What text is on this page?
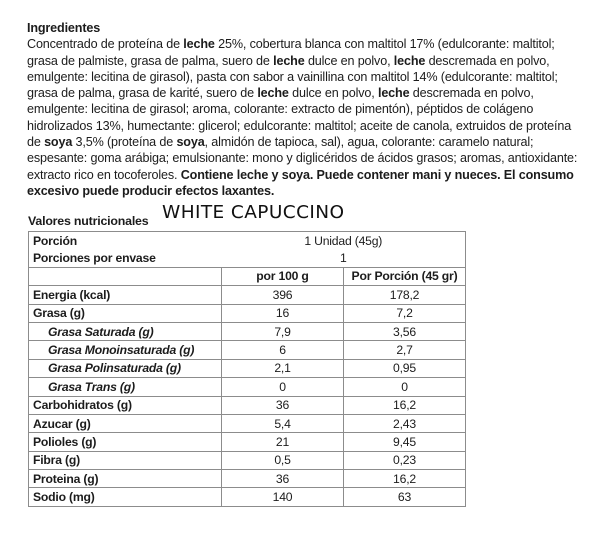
Ingredientes
Concentrado de proteína de leche 25%, cobertura blanca con maltitol 17% (edulcorante: maltitol;
grasa de palmiste, grasa de palma, suero de leche dulce en polvo, leche descremada en polvo,
emulgente: lecitina de girasol), pasta con sabor a vainillina con maltitol 14% (edulcorante: maltitol;
grasa de palma, grasa de karité, suero de leche dulce en polvo, leche descremada en polvo,
emulgente: lecitina de girasol; aroma, colorante: extracto de pimentón), péptidos de colágeno
hidrolizados 13%, humectante: glicerol; edulcorante: maltitol; aceite de canola, extruidos de proteína
de soya 3,5% (proteína de soya, almidón de tapioca, sal), agua, colorante: caramelo natural;
espesante: goma arábiga; emulsionante: mono y diglicéridos de ácidos grasos; aromas, antioxidante:
extracto rico en tocoferoles. Contiene leche y soya. Puede contener mani y nueces. El consumo
excesivo puede producir efectos laxantes.
Valores nutricionales WHITE CAPUCCINO
Porción	1 Unidad (45g)	
Porciones por envase	1	
	por 100 g	Por Porción (45 gr)
Energia (kcal)	396	178,2
Grasa (g)	16	7,2
Grasa Saturada (g)	7,9	3,56
Grasa Monoinsaturada (g)	6	2,7
Grasa Polinsaturada (g)	2,1	0,95
Grasa Trans (g)	0	0
Carbohidratos (g)	36	16,2
Azucar (g)	5,4	2,43
Polioles (g)	21	9,45
Fibra (g)	0,5	0,23
Proteina (g)	36	16,2
Sodio (mg)	140	63
